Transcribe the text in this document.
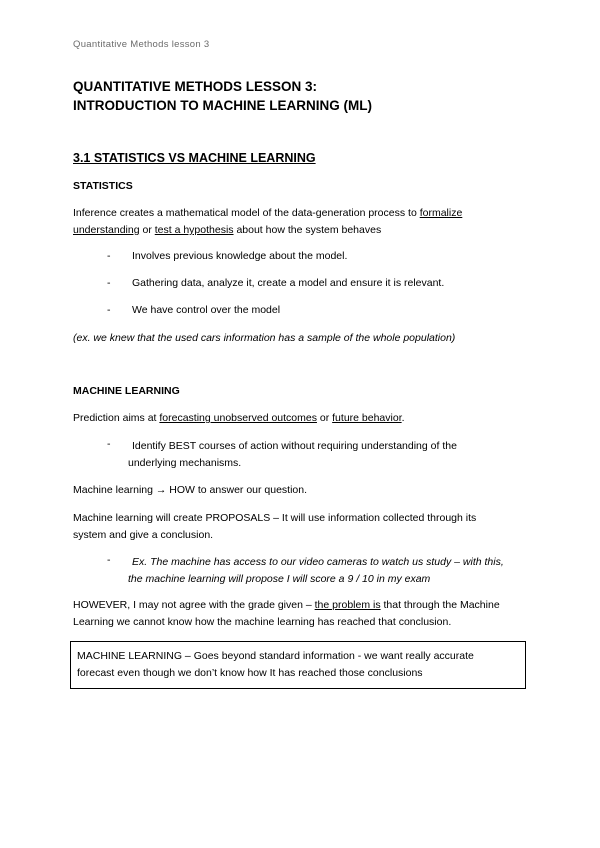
Quantitative Methods lesson 3
QUANTITATIVE METHODS LESSON 3:
INTRODUCTION TO MACHINE LEARNING (ML)
3.1 STATISTICS VS MACHINE LEARNING
STATISTICS
Inference creates a mathematical model of the data-generation process to formalize
understanding or test a hypothesis about how the system behaves
- Involves previous knowledge about the model.
- Gathering data, analyze it, create a model and ensure it is relevant.
- We have control over the model
(ex. we knew that the used cars information has a sample of the whole population)
MACHINE LEARNING
Prediction aims at forecasting unobserved outcomes or future behavior.
-	Identify BEST courses of action without requiring understanding of the
underlying mechanisms.
Machine learning → HOW to answer our question.
Machine learning will create PROPOSALS – It will use information collected through its
system and give a conclusion.
-	Ex. The machine has access to our video cameras to watch us study – with this,
the machine learning will propose I will score a 9 / 10 in my exam
HOWEVER, I may not agree with the grade given – the problem is that through the Machine
Learning we cannot know how the machine learning has reached that conclusion.
MACHINE LEARNING – Goes beyond standard information - we want really accurate
forecast even though we don’t know how It has reached those conclusions
